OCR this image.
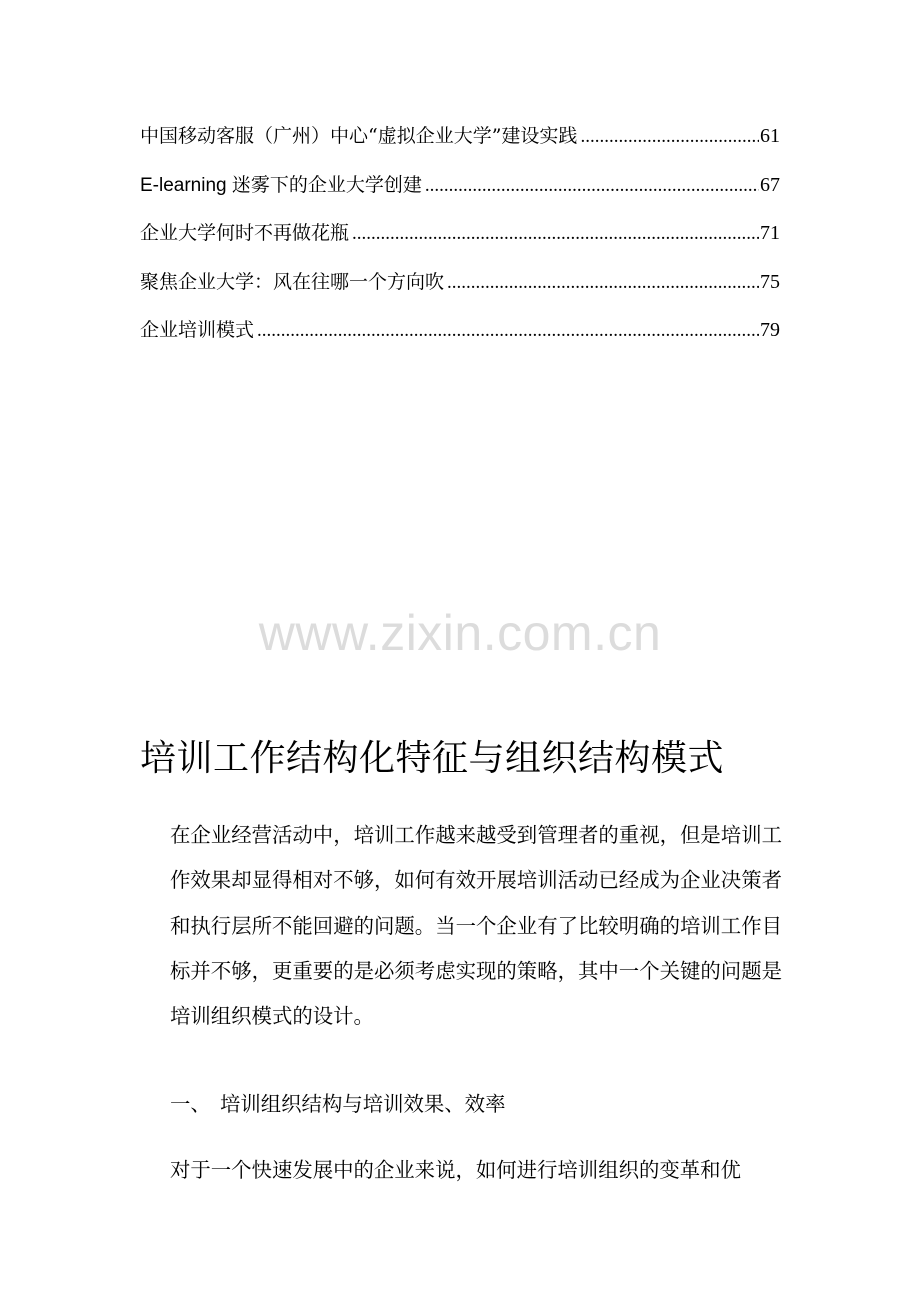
中国移动客服（广州）中心“虚拟企业大学”建设实践 .....	61
E-learning 迷雾下的企业大学创建 .....	67
企业大学何时不再做花瓶 .....	71
聚焦企业大学：风在往哪一个方向吹 .....	75
企业培训模式 .....	79
www.zixin.com.cn
培训工作结构化特征与组织结构模式

在企业经营活动中，培训工作越来越受到管理者的重视，但是培训工作效果却显得相对不够，如何有效开展培训活动已经成为企业决策者和执行层所不能回避的问题。当一个企业有了比较明确的培训工作目标并不够，更重要的是必须考虑实现的策略，其中一个关键的问题是培训组织模式的设计。

一、 培训组织结构与培训效果、效率

对于一个快速发展中的企业来说，如何进行培训组织的变革和优
